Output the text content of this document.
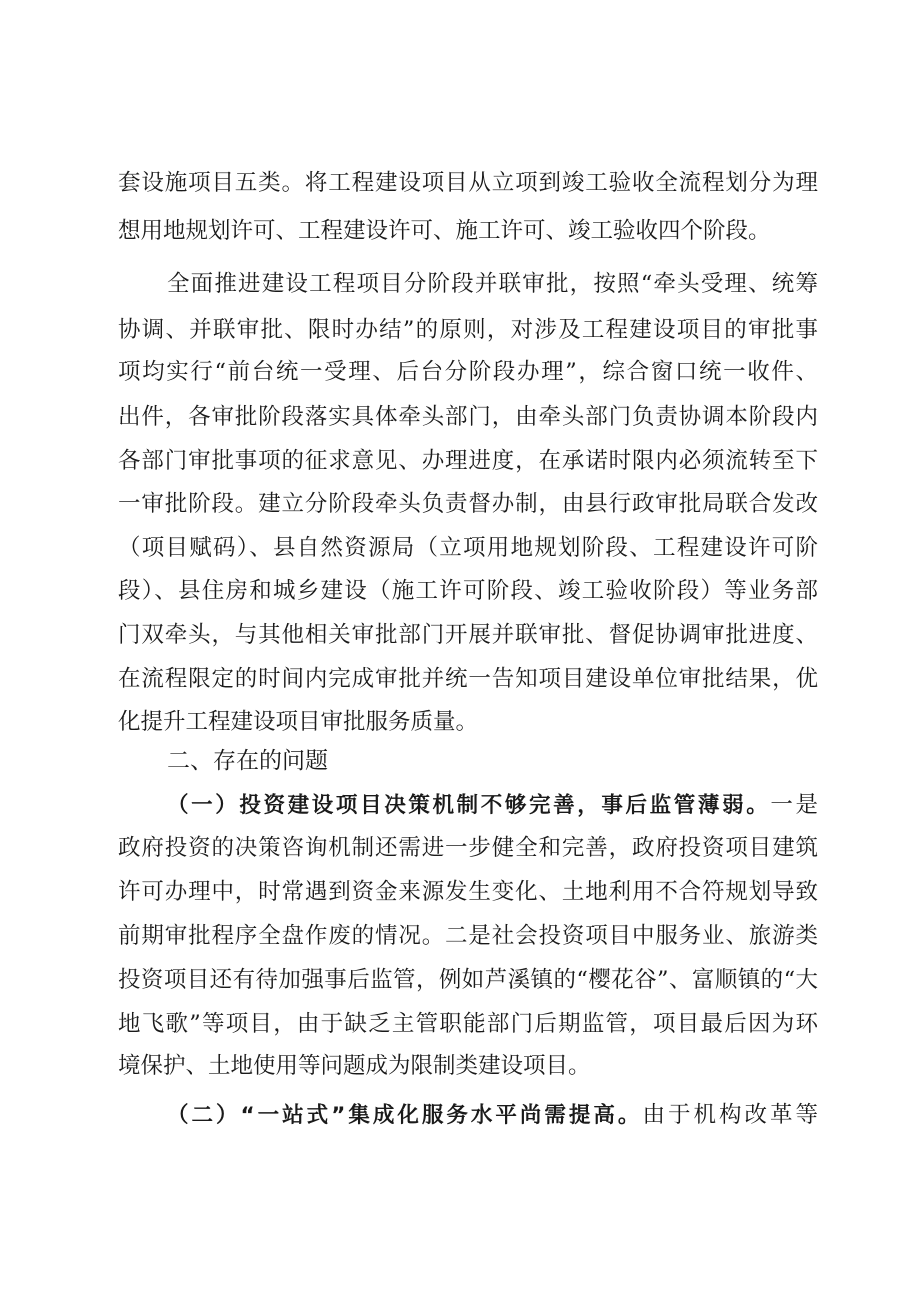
套设施项目五类。将工程建设项目从立项到竣工验收全流程划分为理
想用地规划许可、工程建设许可、施工许可、竣工验收四个阶段。
全面推进建设工程项目分阶段并联审批，按照“牵头受理、统筹
协调、并联审批、限时办结”的原则，对涉及工程建设项目的审批事
项均实行“前台统一受理、后台分阶段办理”，综合窗口统一收件、
出件，各审批阶段落实具体牵头部门，由牵头部门负责协调本阶段内
各部门审批事项的征求意见、办理进度，在承诺时限内必须流转至下
一审批阶段。建立分阶段牵头负责督办制，由县行政审批局联合发改
（项目赋码）、县自然资源局（立项用地规划阶段、工程建设许可阶
段）、县住房和城乡建设（施工许可阶段、竣工验收阶段）等业务部
门双牵头，与其他相关审批部门开展并联审批、督促协调审批进度、
在流程限定的时间内完成审批并统一告知项目建设单位审批结果，优
化提升工程建设项目审批服务质量。
二、存在的问题
（一）投资建设项目决策机制不够完善，事后监管薄弱。一是
政府投资的决策咨询机制还需进一步健全和完善，政府投资项目建筑
许可办理中，时常遇到资金来源发生变化、土地利用不合符规划导致
前期审批程序全盘作废的情况。二是社会投资项目中服务业、旅游类
投资项目还有待加强事后监管，例如芦溪镇的“樱花谷”、富顺镇的“大
地飞歌”等项目，由于缺乏主管职能部门后期监管，项目最后因为环
境保护、土地使用等问题成为限制类建设项目。
（二）“一站式”集成化服务水平尚需提高。由于机构改革等
